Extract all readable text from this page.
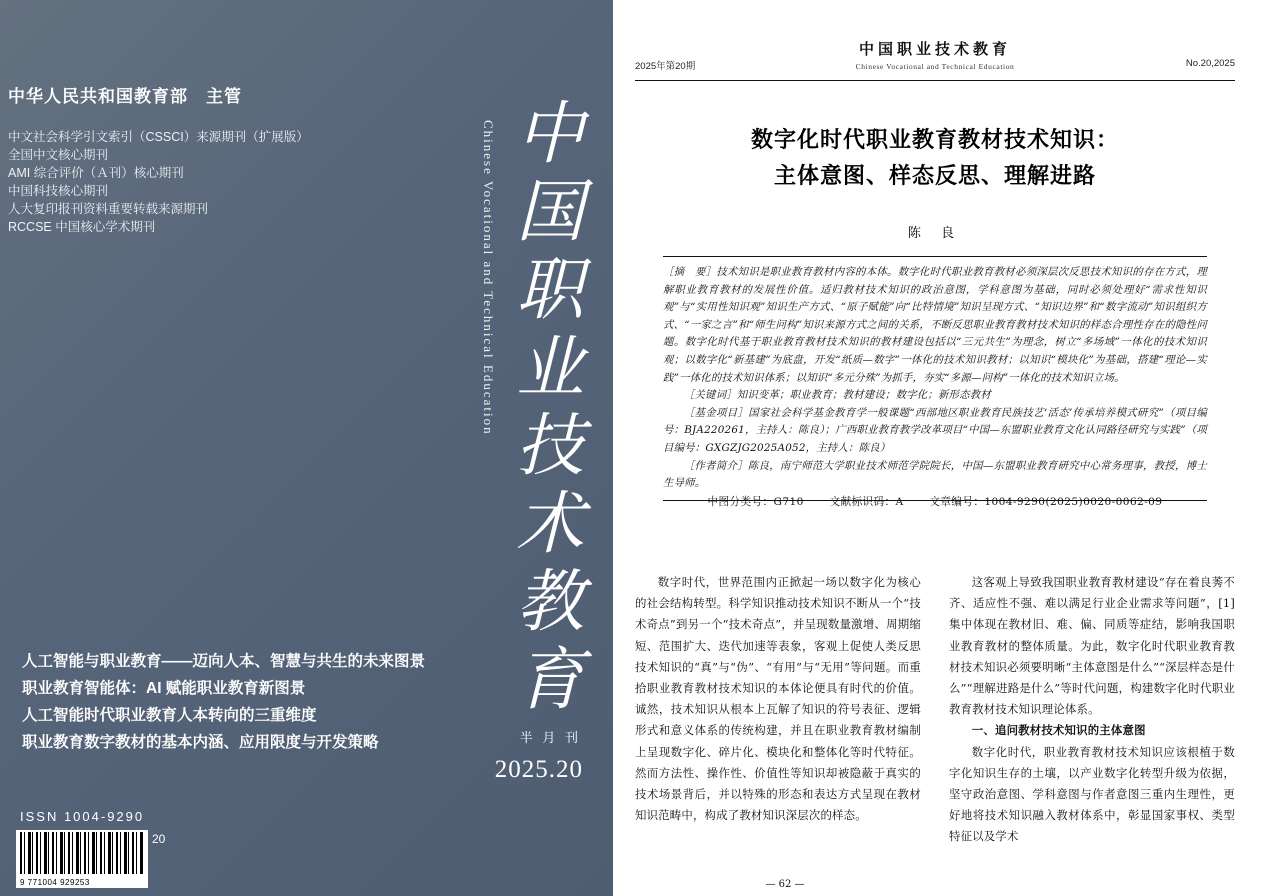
中华人民共和国教育部 主管
中文社会科学引文索引（CSSCI）来源期刊（扩展版）
全国中文核心期刊
AMI 综合评价（Ａ刊）核心期刊
中国科技核心期刊
人大复印报刊资料重要转载来源期刊
RCCSE 中国核心学术期刊	Chinese Vocational and Technical Education 中
国
职
业
技
术
教
育
人工智能与职业教育——迈向人本、智慧与共生的未来图景
职业教育智能体：AI 赋能职业教育新图景
人工智能时代职业教育人本转向的三重维度
职业教育数字教材的基本内涵、应用限度与开发策略	半 月 刊
2025.20
ISSN 1004-9290
9 771004 929253
20
中国职业技术教育
Chinese Vocational and Technical Education
2025年第20期	No.20,2025
数字化时代职业教育教材技术知识：
主体意图、样态反思、理解进路
陈 良

［摘　要］技术知识是职业教育教材内容的本体。数字化时代职业教育教材必须深层次反思技术知识的存在方式，理解职业教育教材的发展性价值。适归教材技术知识的政治意图，学科意图为基础，同时必须处理好“需求性知识观”与“实用性知识观”知识生产方式、“原子赋能”向“比特情境”知识呈现方式、“知识边界”和“数字流动”知识组织方式、“一家之言”和“师生问构”知识来源方式之间的关系，不断反思职业教育教材技术知识的样态合理性存在的隐性问题。数字化时代基于职业教育教材技术知识的教材建设包括以“三元共生”为理念，树立“多场域”一体化的技术知识观；以数字化“新基建”为底盘，开发“纸质—数字”一体化的技术知识教材；以知识“模块化”为基础，搭建“理论—实践”一体化的技术知识体系；以知识“多元分殊”为抓手，夯实“多源—问构”一体化的技术知识立场。

［关键词］知识变革；职业教育；教材建设；数字化；新形态教材

［基金项目］国家社会科学基金教育学一般课题“西部地区职业教育民族技艺‘活态’传承培养模式研究”（项目编号：BJA220261，主持人：陈良）；广西职业教育教学改革项目“中国—东盟职业教育文化认同路径研究与实践”（项目编号：GXGZJG2025A052，主持人：陈良）

［作者简介］陈良，南宁师范大学职业技术师范学院院长，中国—东盟职业教育研究中心常务理事，教授，博士生导师。

中图分类号：G710 文献标识码：A 文章编号：1004-9290(2025)0020-0062-09

数字时代，世界范围内正掀起一场以数字化为核心的社会结构转型。科学知识推动技术知识不断从一个“技术奇点”到另一个“技术奇点”，并呈现数量激增、周期缩短、范围扩大、迭代加速等表象，客观上促使人类反思技术知识的“真”与“伪”、“有用”与“无用”等问题。而重拾职业教育教材技术知识的本体论便具有时代的价值。诚然，技术知识从根本上瓦解了知识的符号表征、逻辑形式和意义体系的传统构建，并且在职业教育教材编制上呈现数字化、碎片化、模块化和整体化等时代特征。然而方法性、操作性、价值性等知识却被隐蔽于真实的技术场景背后，并以特殊的形态和表达方式呈现在教材知识范畴中，构成了教材知识深层次的样态。

这客观上导致我国职业教育教材建设“存在着良莠不齐、适应性不强、难以满足行业企业需求等问题”，[1]集中体现在教材旧、难、偏、同质等症结，影响我国职业教育教材的整体质量。为此，数字化时代职业教育教材技术知识必须要明晰“主体意图是什么”“深层样态是什么”“理解进路是什么”等时代问题，构建数字化时代职业教育教材技术知识理论体系。

一、追问教材技术知识的主体意图

数字化时代，职业教育教材技术知识应该根植于数字化知识生存的土壤，以产业数字化转型升级为依据，坚守政治意图、学科意图与作者意图三重内生理性，更好地将技术知识融入教材体系中，彰显国家事权、类型特征以及学术

— 62 —
